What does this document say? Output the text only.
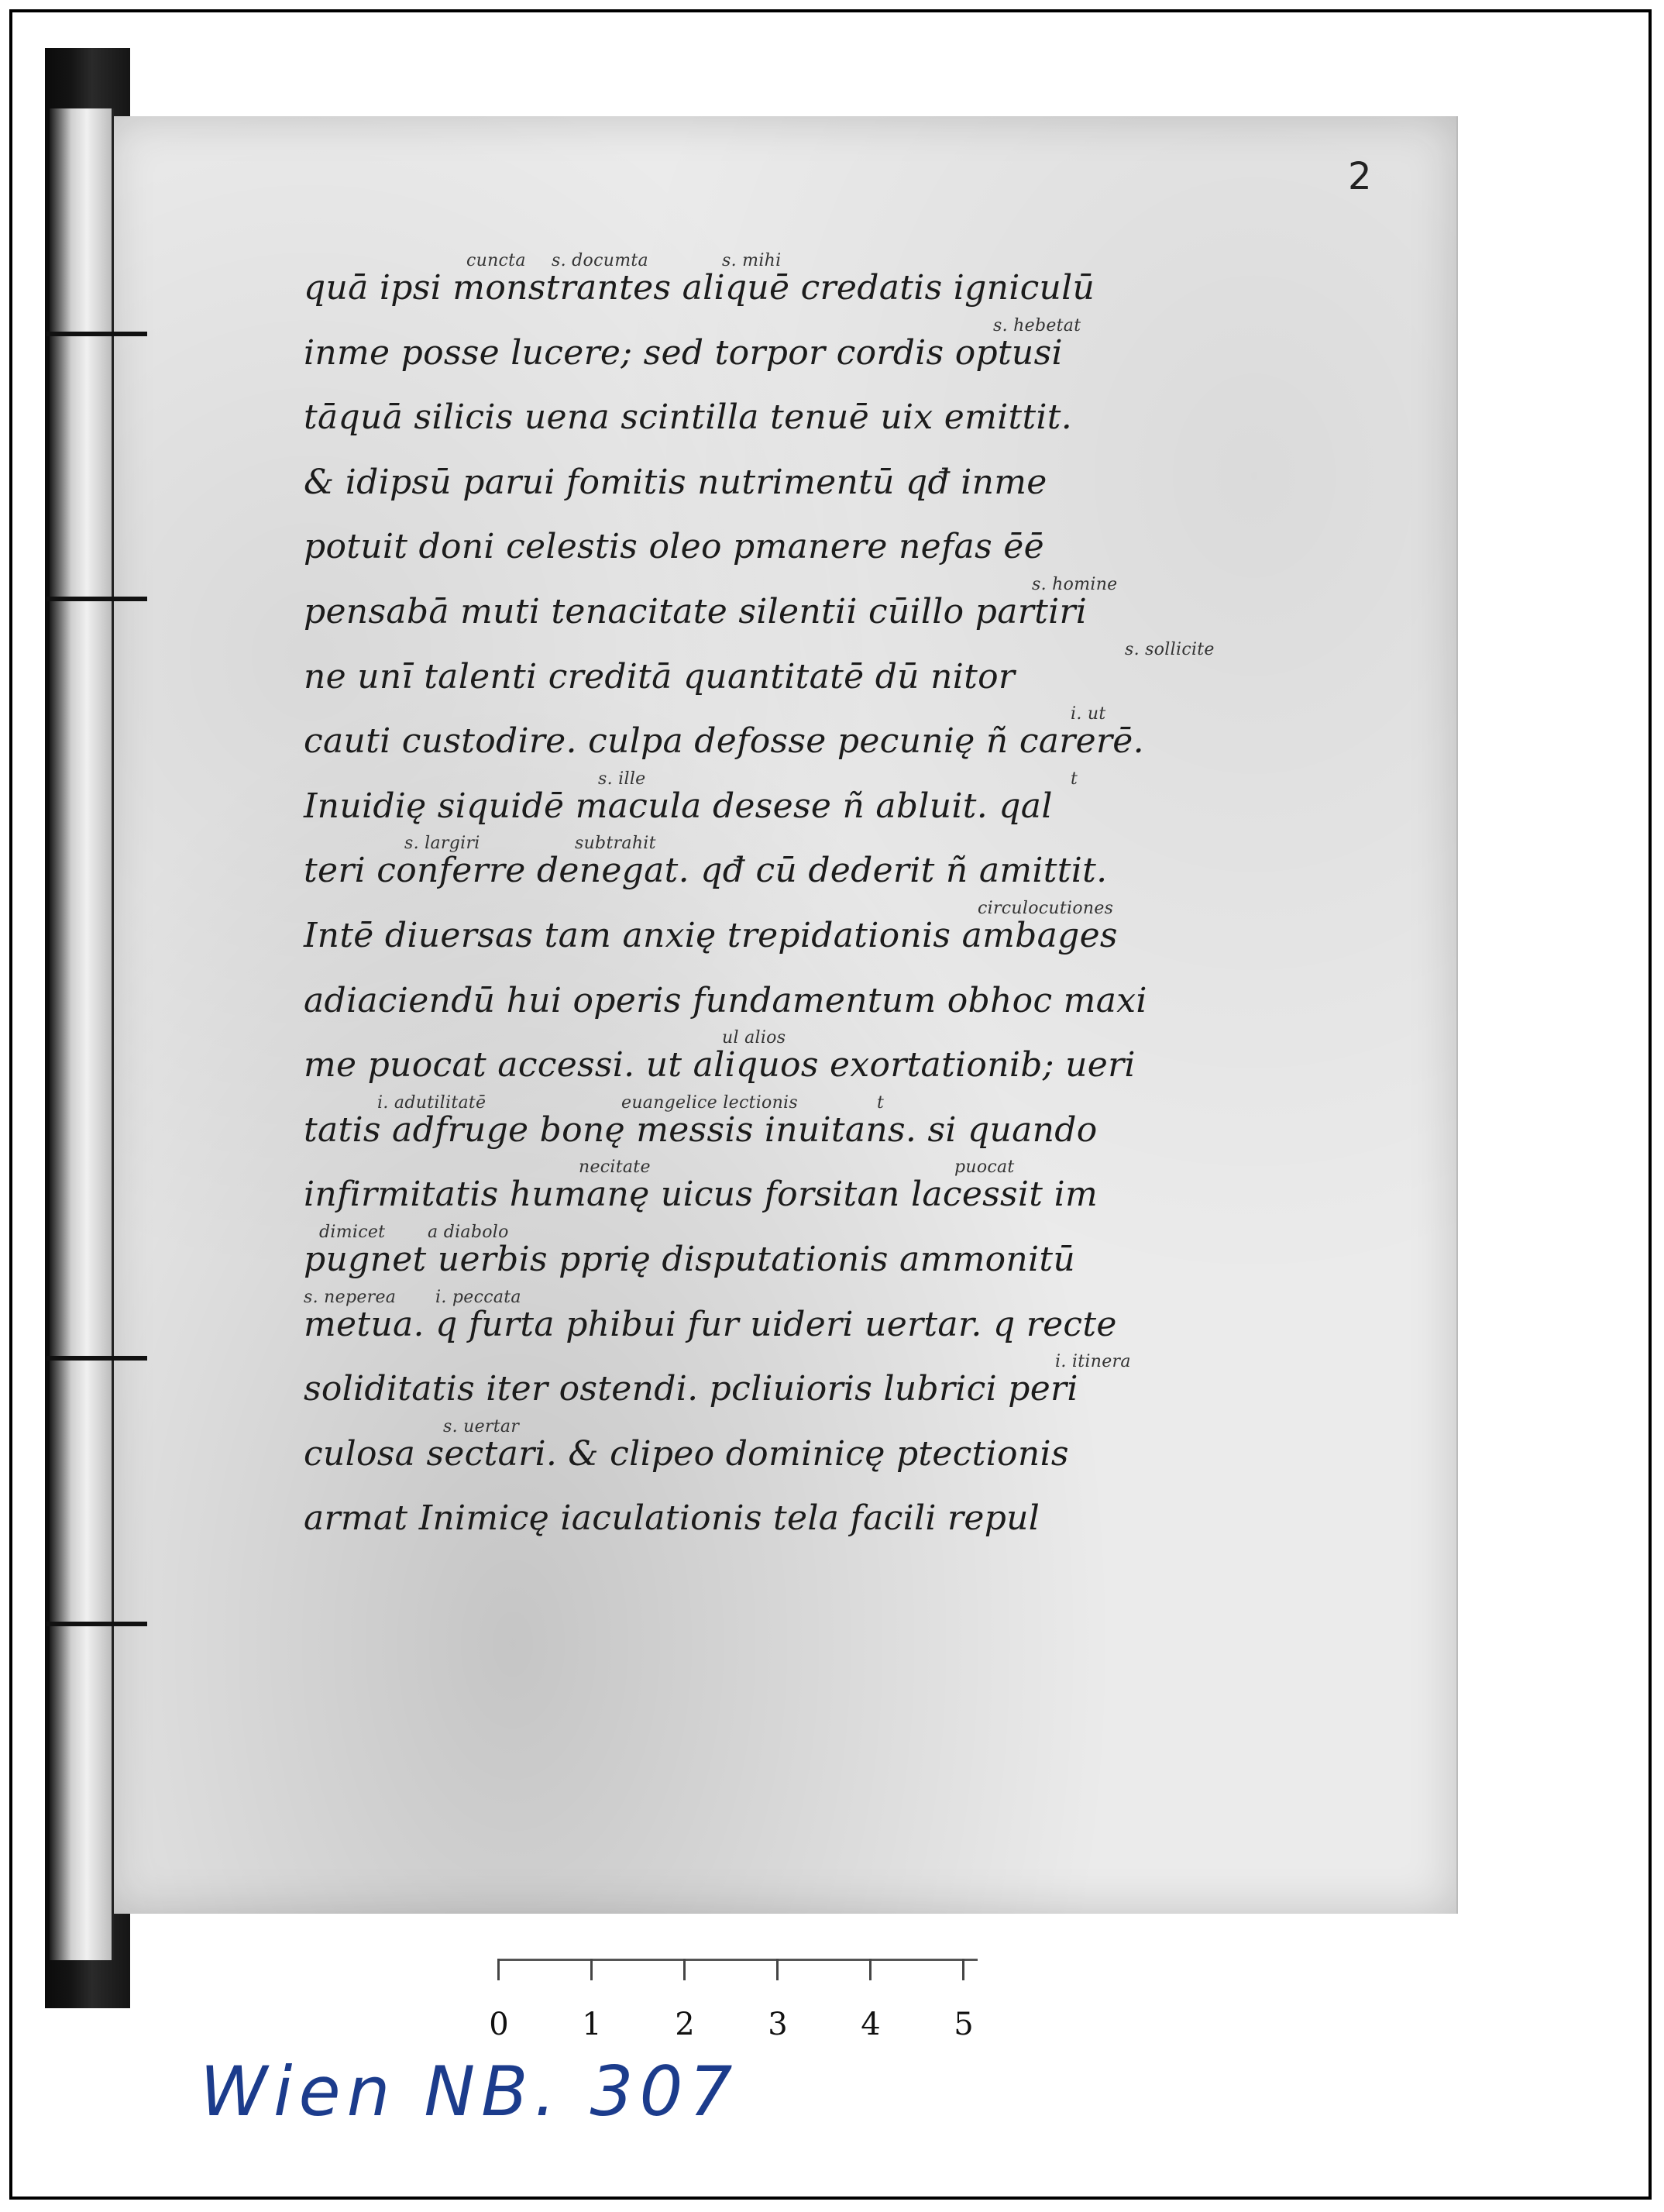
2
quā ipsi monstrantes aliquē credatis igniculū
cuncta s. documta	s. mihi
inme posse lucere; sed torpor cordis optusi
s. hebetat
tāquā silicis uena scintilla tenuē uix emittit.
& idipsū parui fomitis nutrimentū qđ inme
potuit doni celestis oleo pmanere nefas ēē
pensabā muti tenacitate silentii cūillo partiri
s. homine
ne unī talenti creditā quantitatē dū nitor
s. sollicite
cauti custodire. culpa defosse pecunię ñ carerē.
i. ut
Inuidię siquidē macula desese ñ abluit. qal
s. ille	t
teri conferre denegat. qđ cū dederit ñ amittit.
s. largiri	subtrahit
Intē diuersas tam anxię trepidationis ambages
circulocutiones
adiaciendū hui operis fundamentum obhoc maxi
me puocat accessi. ut aliquos exortationib; ueri
ul alios
tatis adfruge bonę messis inuitans. si quando
i. adutilitatē	euangelice lectionis	t
infirmitatis humanę uicus forsitan lacessit im
necitate	puocat
pugnet uerbis pprię disputationis ammonitū
dimicet a diabolo
metua. q furta phibui fur uideri uertar. q recte
s. neperea i. peccata
soliditatis iter ostendi. pcliuioris lubrici peri
i. itinera
culosa sectari. & clipeo dominicę ptectionis
s. uertar
armat Inimicę iaculationis tela facili repul
0 1 2 3 4 5
Wien NB. 307
